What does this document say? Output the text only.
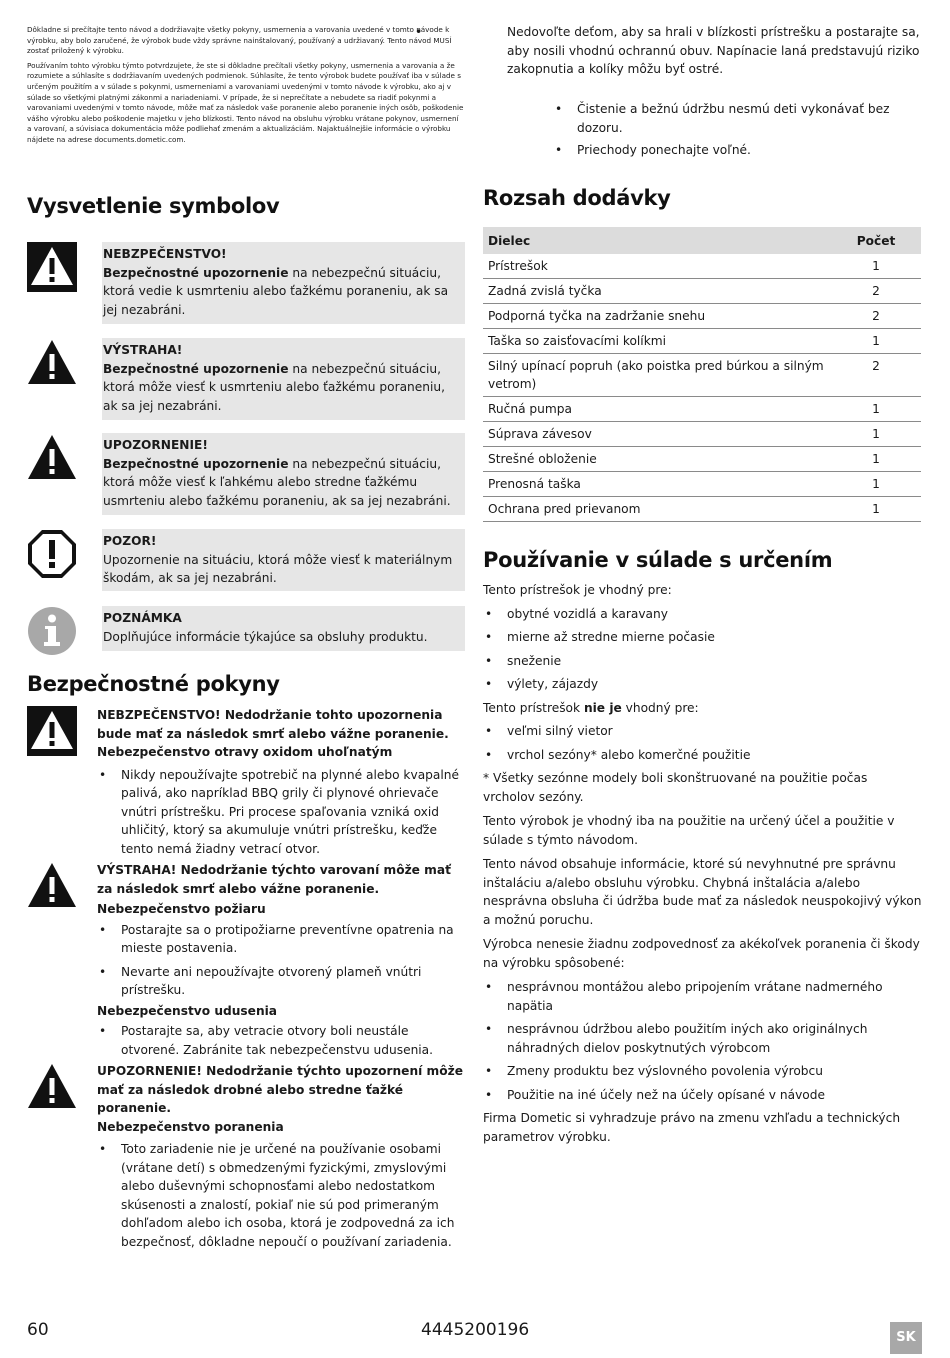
Dôkladne si prečítajte tento návod a dodržiavajte všetky pokyny, usmernenia a varovania uvedené v tomto návode k výrobku, aby bolo zaručené, že výrobok bude vždy správne nainštalovaný, používaný a udržiavaný. Tento návod MUSÍ zostať priložený k výrobku.

Používaním tohto výrobku týmto potvrdzujete, že ste si dôkladne prečítali všetky pokyny, usmernenia a varovania a že rozumiete a súhlasíte s dodržiavaním uvedených podmienok. Súhlasíte, že tento výrobok budete používať iba v súlade s určeným použitím a v súlade s pokynmi, usmerneniami a varovaniami uvedenými v tomto návode k výrobku, ako aj v súlade so všetkými platnými zákonmi a nariadeniami. V prípade, že si neprečítate a nebudete sa riadiť pokynmi a varovaniami uvedenými v tomto návode, môže mať za následok vaše poranenie alebo poranenie iných osôb, poškodenie vášho výrobku alebo poškodenie majetku v jeho blízkosti. Tento návod na obsluhu výrobku vrátane pokynov, usmernení a varovaní, a súvisiaca dokumentácia môže podliehať zmenám a aktualizáciám. Najaktuálnejšie informácie o výrobku nájdete na adrese documents.dometic.com.

Vysvetlenie symbolov
NEBZPEČENSTVO!
Bezpečnostné upozornenie na nebezpečnú situáciu, ktorá vedie k usmrteniu alebo ťažkému poraneniu, ak sa jej nezabráni.
VÝSTRAHA!
Bezpečnostné upozornenie na nebezpečnú situáciu, ktorá môže viesť k usmrteniu alebo ťažkému poraneniu, ak sa jej nezabráni.
UPOZORNENIE!
Bezpečnostné upozornenie na nebezpečnú situáciu, ktorá môže viesť k ľahkému alebo stredne ťažkému usmrteniu alebo ťažkému poraneniu, ak sa jej nezabráni.
POZOR!
Upozornenie na situáciu, ktorá môže viesť k materiálnym škodám, ak sa jej nezabráni.
POZNÁMKA
Doplňujúce informácie týkajúce sa obsluhy produktu.
Bezpečnostné pokyny
NEBZPEČENSTVO! Nedodržanie tohto upozornenia bude mať za následok smrť alebo vážne poranenie.
Nebezpečenstvo otravy oxidom uhoľnatým
• Nikdy nepoužívajte spotrebič na plynné alebo kvapalné palivá, ako napríklad BBQ grily či plynové ohrievače vnútri prístrešku. Pri procese spaľovania vzniká oxid uhličitý, ktorý sa akumuluje vnútri prístrešku, keďže tento nemá žiadny vetrací otvor.
VÝSTRAHA! Nedodržanie týchto varovaní môže mať za následok smrť alebo vážne poranenie.
Nebezpečenstvo požiaru
• Postarajte sa o protipožiarne preventívne opatrenia na mieste postavenia.
• Nevarte ani nepoužívajte otvorený plameň vnútri prístrešku.
Nebezpečenstvo udusenia
• Postarajte sa, aby vetracie otvory boli neustále otvorené. Zabránite tak nebezpečenstvu udusenia.
UPOZORNENIE! Nedodržanie týchto upozornení môže mať za následok drobné alebo stredne ťažké poranenie.
Nebezpečenstvo poranenia
• Toto zariadenie nie je určené na používanie osobami (vrátane detí) s obmedzenými fyzickými, zmyslovými alebo duševnými schopnosťami alebo nedostatkom skúsenosti a znalostí, pokiaľ nie sú pod primeraným dohľadom alebo ich osoba, ktorá je zodpovedná za ich bezpečnosť, dôkladne nepoučí o používaní zariadenia.
• Nedovoľte deťom, aby sa hrali v blízkosti prístrešku a postarajte sa, aby nosili vhodnú ochrannú obuv. Napínacie laná predstavujú riziko zakopnutia a kolíky môžu byť ostré.
• Čistenie a bežnú údržbu nesmú deti vykonávať bez dozoru.
• Priechody ponechajte voľné.
Rozsah dodávky
Dielec	Počet
Prístrešok	1
Zadná zvislá tyčka	2
Podporná tyčka na zadržanie snehu	2
Taška so zaisťovacími kolíkmi	1
Silný upínací popruh (ako poistka pred búrkou a silným vetrom)	2
Ručná pumpa	1
Súprava závesov	1
Strešné obloženie	1
Prenosná taška	1
Ochrana pred prievanom	1
Používanie v súlade s určením

Tento prístrešok je vhodný pre:

• obytné vozidlá a karavany
• mierne až stredne mierne počasie
• sneženie
• výlety, zájazdy

Tento prístrešok nie je vhodný pre:

• veľmi silný vietor
• vrchol sezóny* alebo komerčné použitie

* Všetky sezónne modely boli skonštruované na použitie počas vrcholov sezóny.

Tento výrobok je vhodný iba na použitie na určený účel a použitie v súlade s týmto návodom.

Tento návod obsahuje informácie, ktoré sú nevyhnutné pre správnu inštaláciu a/alebo obsluhu výrobku. Chybná inštalácia a/alebo nesprávna obsluha či údržba bude mať za následok neuspokojivý výkon a možnú poruchu.

Výrobca nenesie žiadnu zodpovednosť za akékoľvek poranenia či škody na výrobku spôsobené:

• nesprávnou montážou alebo pripojením vrátane nadmerného napätia
• nesprávnou údržbou alebo použitím iných ako originálnych náhradných dielov poskytnutých výrobcom
• Zmeny produktu bez výslovného povolenia výrobcu
• Použitie na iné účely než na účely opísané v návode

Firma Dometic si vyhradzuje právo na zmenu vzhľadu a technických parametrov výrobku.

60	4445200196	SK
